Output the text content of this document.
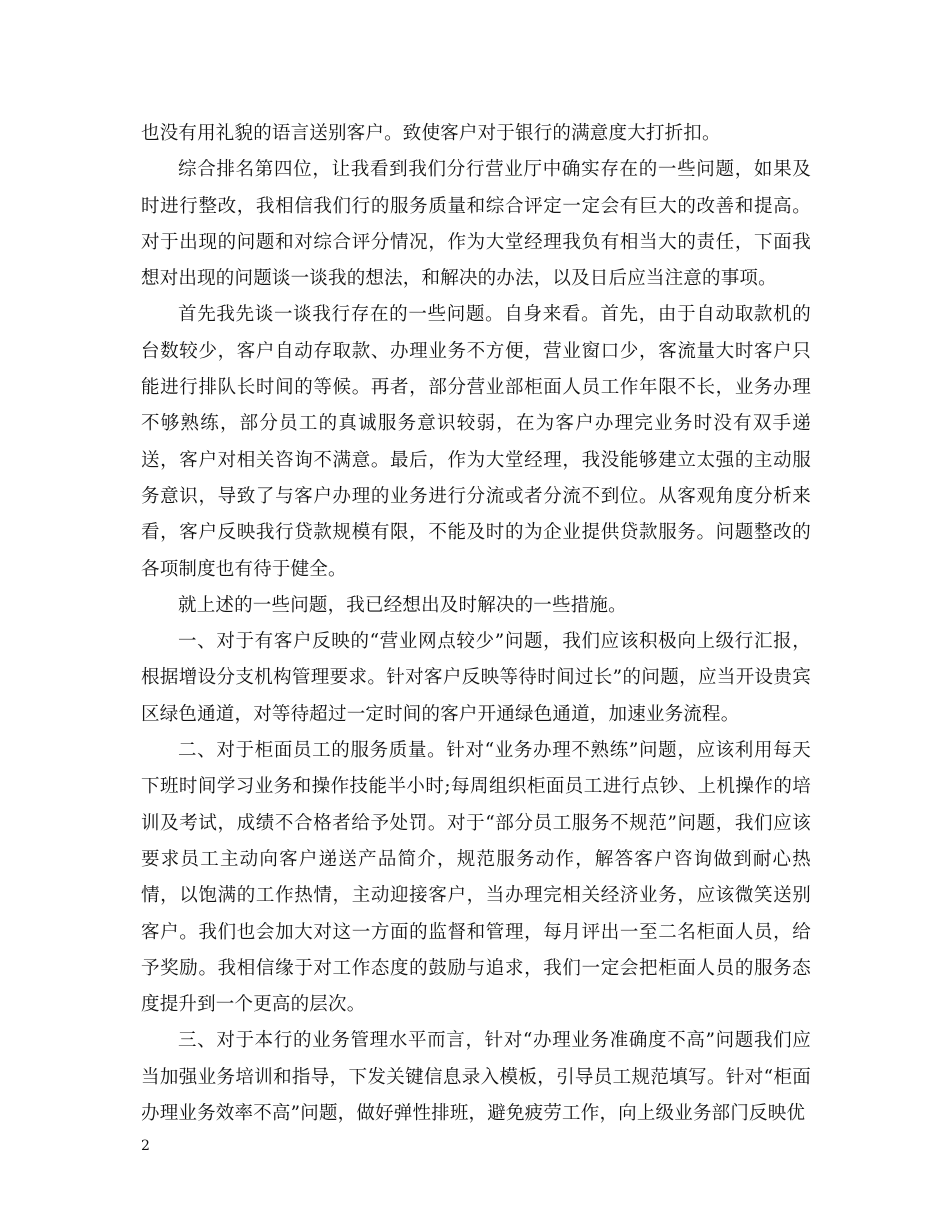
也没有用礼貌的语言送别客户。致使客户对于银行的满意度大打折扣。

综合排名第四位，让我看到我们分行营业厅中确实存在的一些问题，如果及时进行整改，我相信我们行的服务质量和综合评定一定会有巨大的改善和提高。对于出现的问题和对综合评分情况，作为大堂经理我负有相当大的责任，下面我想对出现的问题谈一谈我的想法，和解决的办法，以及日后应当注意的事项。

首先我先谈一谈我行存在的一些问题。自身来看。首先，由于自动取款机的台数较少，客户自动存取款、办理业务不方便，营业窗口少，客流量大时客户只能进行排队长时间的等候。再者，部分营业部柜面人员工作年限不长，业务办理不够熟练，部分员工的真诚服务意识较弱，在为客户办理完业务时没有双手递送，客户对相关咨询不满意。最后，作为大堂经理，我没能够建立太强的主动服务意识，导致了与客户办理的业务进行分流或者分流不到位。从客观角度分析来看，客户反映我行贷款规模有限，不能及时的为企业提供贷款服务。问题整改的各项制度也有待于健全。

就上述的一些问题，我已经想出及时解决的一些措施。

一、对于有客户反映的“营业网点较少”问题，我们应该积极向上级行汇报，根据增设分支机构管理要求。针对客户反映等待时间过长”的问题，应当开设贵宾区绿色通道，对等待超过一定时间的客户开通绿色通道，加速业务流程。

二、对于柜面员工的服务质量。针对“业务办理不熟练”问题，应该利用每天下班时间学习业务和操作技能半小时;每周组织柜面员工进行点钞、上机操作的培训及考试，成绩不合格者给予处罚。对于“部分员工服务不规范”问题，我们应该要求员工主动向客户递送产品简介，规范服务动作，解答客户咨询做到耐心热情，以饱满的工作热情，主动迎接客户，当办理完相关经济业务，应该微笑送别客户。我们也会加大对这一方面的监督和管理，每月评出一至二名柜面人员，给予奖励。我相信缘于对工作态度的鼓励与追求，我们一定会把柜面人员的服务态度提升到一个更高的层次。

三、对于本行的业务管理水平而言，针对“办理业务准确度不高”问题我们应当加强业务培训和指导，下发关键信息录入模板，引导员工规范填写。针对“柜面办理业务效率不高”问题，做好弹性排班，避免疲劳工作，向上级业务部门反映优

2
